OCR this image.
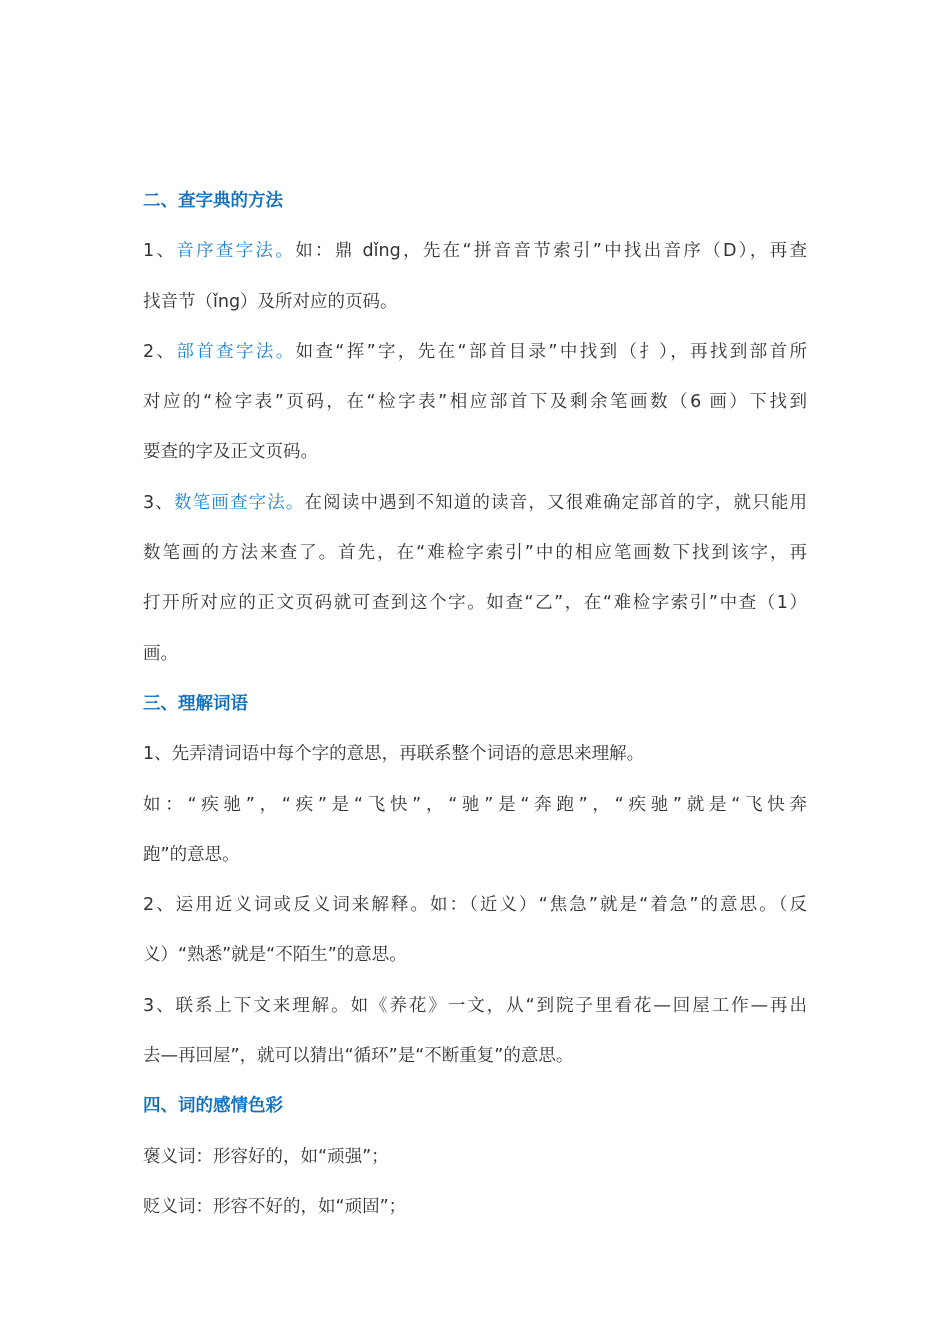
二、查字典的方法
1、音序查字法。如：鼎 dǐng，先在“拼音音节索引”中找出音序（D），再查
找音节（ǐng）及所对应的页码。
2、部首查字法。如查“挥”字，先在“部首目录”中找到（扌），再找到部首所
对应的“检字表”页码，在“检字表”相应部首下及剩余笔画数（6 画）下找到
要查的字及正文页码。
3、数笔画查字法。在阅读中遇到不知道的读音，又很难确定部首的字，就只能用
数笔画的方法来查了。首先，在“难检字索引”中的相应笔画数下找到该字，再
打开所对应的正文页码就可查到这个字。如查“乙”，在“难检字索引”中查（1）
画。
三、理解词语
1、先弄清词语中每个字的意思，再联系整个词语的意思来理解。
如：“疾驰”，“疾”是“飞快”，“驰”是“奔跑”，“疾驰”就是“飞快奔
跑”的意思。
2、运用近义词或反义词来解释。如：（近义）“焦急”就是“着急”的意思。（反
义）“熟悉”就是“不陌生”的意思。
3、联系上下文来理解。如《养花》一文，从“到院子里看花—回屋工作—再出
去—再回屋”，就可以猜出“循环”是“不断重复”的意思。
四、词的感情色彩
褒义词：形容好的，如“顽强”；
贬义词：形容不好的，如“顽固”；
